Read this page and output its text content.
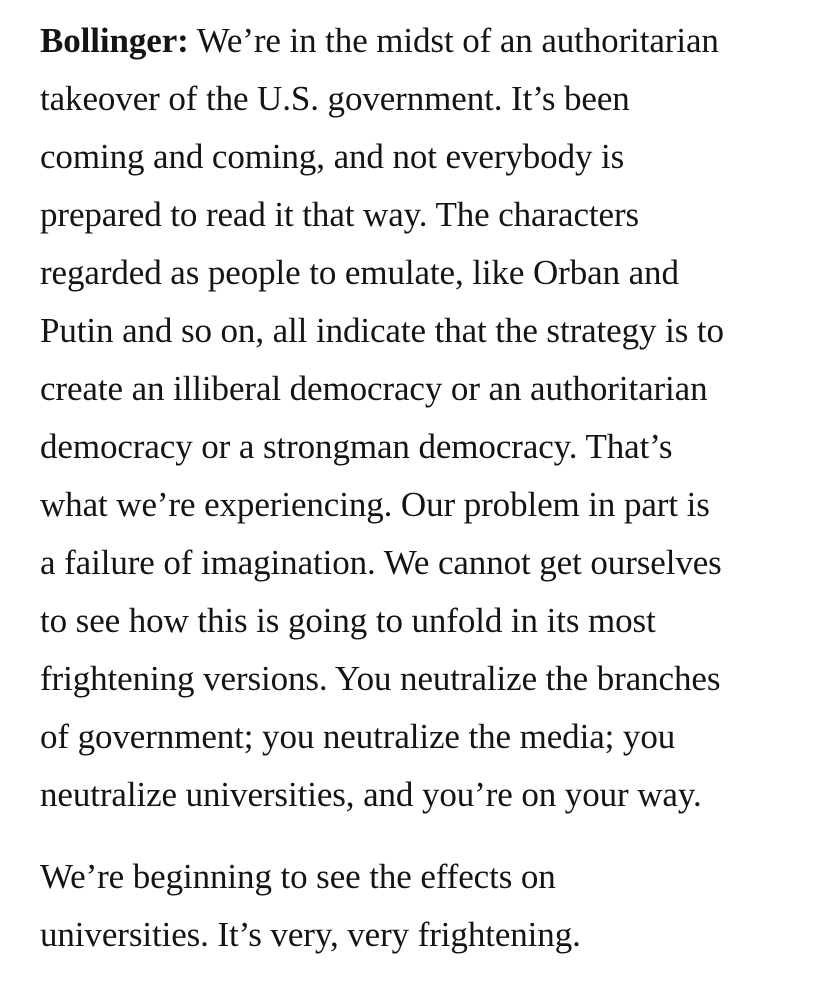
Bollinger: We’re in the midst of an authoritarian
takeover of the U.S. government. It’s been
coming and coming, and not everybody is
prepared to read it that way. The characters
regarded as people to emulate, like Orban and
Putin and so on, all indicate that the strategy is to
create an illiberal democracy or an authoritarian
democracy or a strongman democracy. That’s
what we’re experiencing. Our problem in part is
a failure of imagination. We cannot get ourselves
to see how this is going to unfold in its most
frightening versions. You neutralize the branches
of government; you neutralize the media; you
neutralize universities, and you’re on your way.

We’re beginning to see the effects on
universities. It’s very, very frightening.
